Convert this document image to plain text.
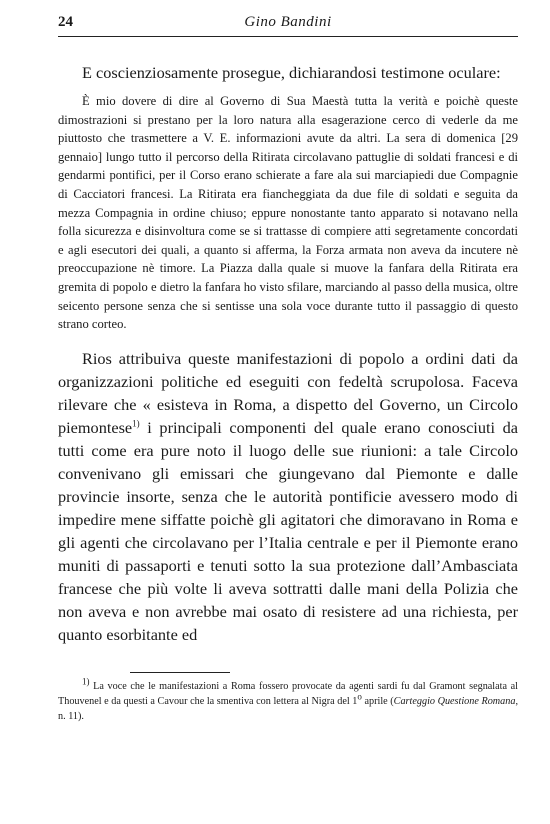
24	Gino Bandini

E coscienziosamente prosegue, dichiarandosi testimone oculare:

È mio dovere di dire al Governo di Sua Maestà tutta la verità e poichè queste dimostrazioni si prestano per la loro natura alla esagerazione cerco di vederle da me piuttosto che trasmettere a V. E. informazioni avute da altri. La sera di domenica [29 gennaio] lungo tutto il percorso della Ritirata circolavano pattuglie di soldati francesi e di gendarmi pontifici, per il Corso erano schierate a fare ala sui marciapiedi due Compagnie di Cacciatori francesi. La Ritirata era fiancheggiata da due file di soldati e seguita da mezza Compagnia in ordine chiuso; eppure nonostante tanto apparato si notavano nella folla sicurezza e disinvoltura come se si trattasse di compiere atti segretamente concordati e agli esecutori dei quali, a quanto si afferma, la Forza armata non aveva da incutere nè preoccupazione nè timore. La Piazza dalla quale si muove la fanfara della Ritirata era gremita di popolo e dietro la fanfara ho visto sfilare, marciando al passo della musica, oltre seicento persone senza che si sentisse una sola voce durante tutto il passaggio di questo strano corteo.

Rios attribuiva queste manifestazioni di popolo a ordini dati da organizzazioni politiche ed eseguiti con fedeltà scrupolosa. Faceva rilevare che « esisteva in Roma, a dispetto del Governo, un Circolo piemontese$^{1)}$ i principali componenti del quale erano conosciuti da tutti come era pure noto il luogo delle sue riunioni: a tale Circolo convenivano gli emissari che giungevano dal Piemonte e dalle provincie insorte, senza che le autorità pontificie avessero modo di impedire mene siffatte poichè gli agitatori che dimoravano in Roma e gli agenti che circolavano per l’Italia centrale e per il Piemonte erano muniti di passaporti e tenuti sotto la sua protezione dall’Ambasciata francese che più volte li aveva sottratti dalle mani della Polizia che non aveva e non avrebbe mai osato di resistere ad una richiesta, per quanto esorbitante ed

$^{1)}$ La voce che le manifestazioni a Roma fossero provocate da agenti sardi fu dal Gramont segnalata al Thouvenel e da questi a Cavour che la smentiva con lettera al Nigra del 1$^o$ aprile (Carteggio Questione Romana, n. 11).
